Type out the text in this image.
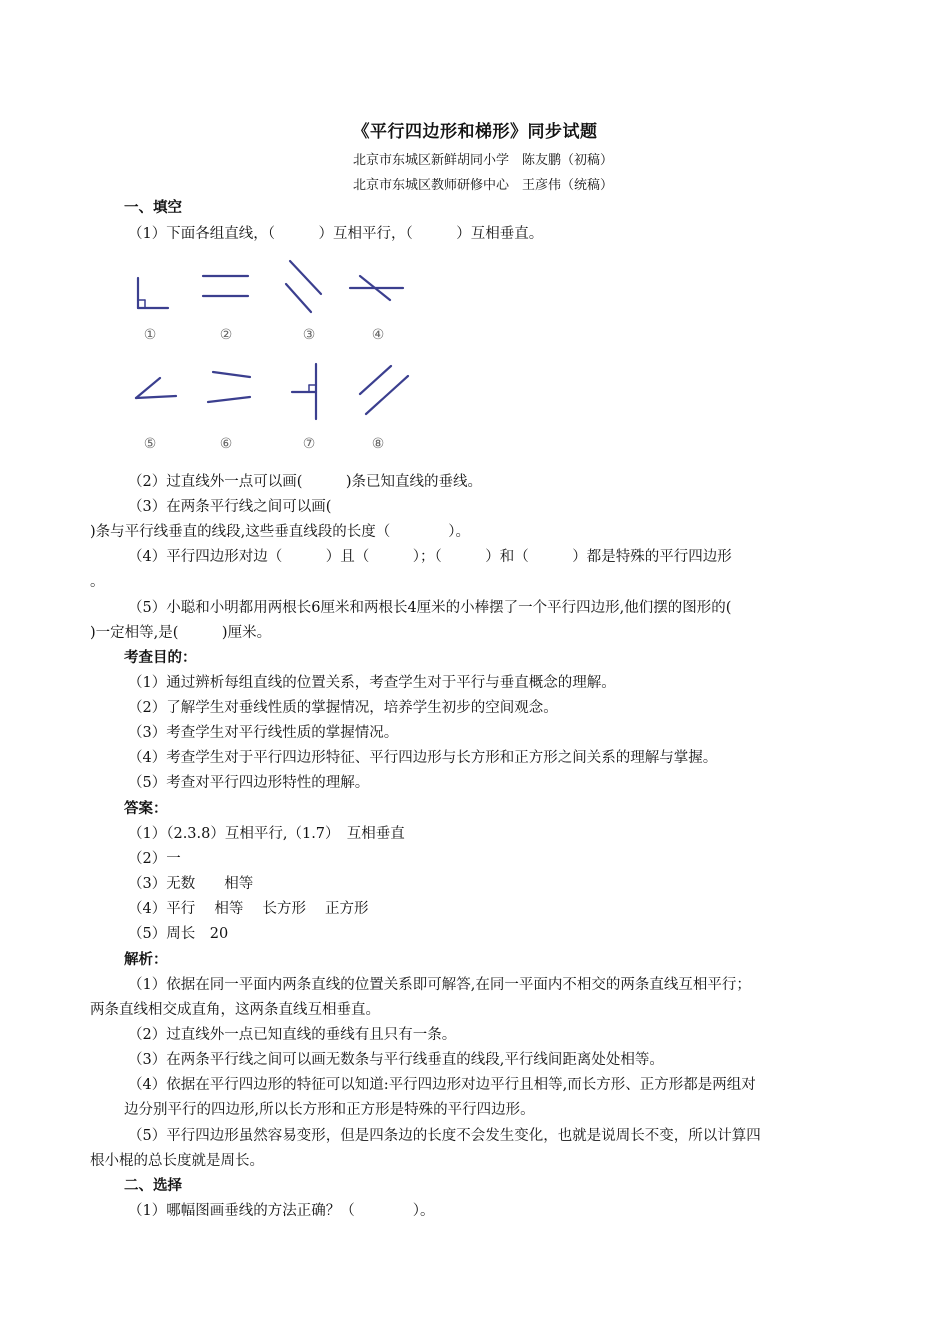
《平行四边形和梯形》同步试题
北京市东城区新鲜胡同小学　陈友鹏（初稿）
北京市东城区教师研修中心　王彦伟（统稿）
一、填空
（1）下面各组直线，（　　　）互相平行，（　　　）互相垂直。
①	②	③	④
⑤	⑥	⑦	⑧
（2）过直线外一点可以画(　　　)条已知直线的垂线。
（3）在两条平行线之间可以画(
)条与平行线垂直的线段,这些垂直线段的长度（　　　　）。
（4）平行四边形对边（　　　）且（　　　）；（　　　）和（　　　）都是特殊的平行四边形
。
（5）小聪和小明都用两根长6厘米和两根长4厘米的小棒摆了一个平行四边形,他们摆的图形的(
)一定相等,是(　　　)厘米。
考查目的：
（1）通过辨析每组直线的位置关系，考查学生对于平行与垂直概念的理解。
（2）了解学生对垂线性质的掌握情况，培养学生初步的空间观念。
（3）考查学生对平行线性质的掌握情况。
（4）考查学生对于平行四边形特征、平行四边形与长方形和正方形之间关系的理解与掌握。
（5）考查对平行四边形特性的理解。
答案：
（1）（2.3.8）互相平行,（1.7）　互相垂直
（2）一
（3）无数　　相等
（4）平行　 相等　 长方形　 正方形
（5）周长　20
解析：
（1）依据在同一平面内两条直线的位置关系即可解答,在同一平面内不相交的两条直线互相平行；
两条直线相交成直角，这两条直线互相垂直。
（2）过直线外一点已知直线的垂线有且只有一条。
（3）在两条平行线之间可以画无数条与平行线垂直的线段,平行线间距离处处相等。
（4）依据在平行四边形的特征可以知道:平行四边形对边平行且相等,而长方形、正方形都是两组对
边分别平行的四边形,所以长方形和正方形是特殊的平行四边形。
（5）平行四边形虽然容易变形，但是四条边的长度不会发生变化，也就是说周长不变，所以计算四
根小棍的总长度就是周长。
二、选择
（1）哪幅图画垂线的方法正确？（　　　　）。
